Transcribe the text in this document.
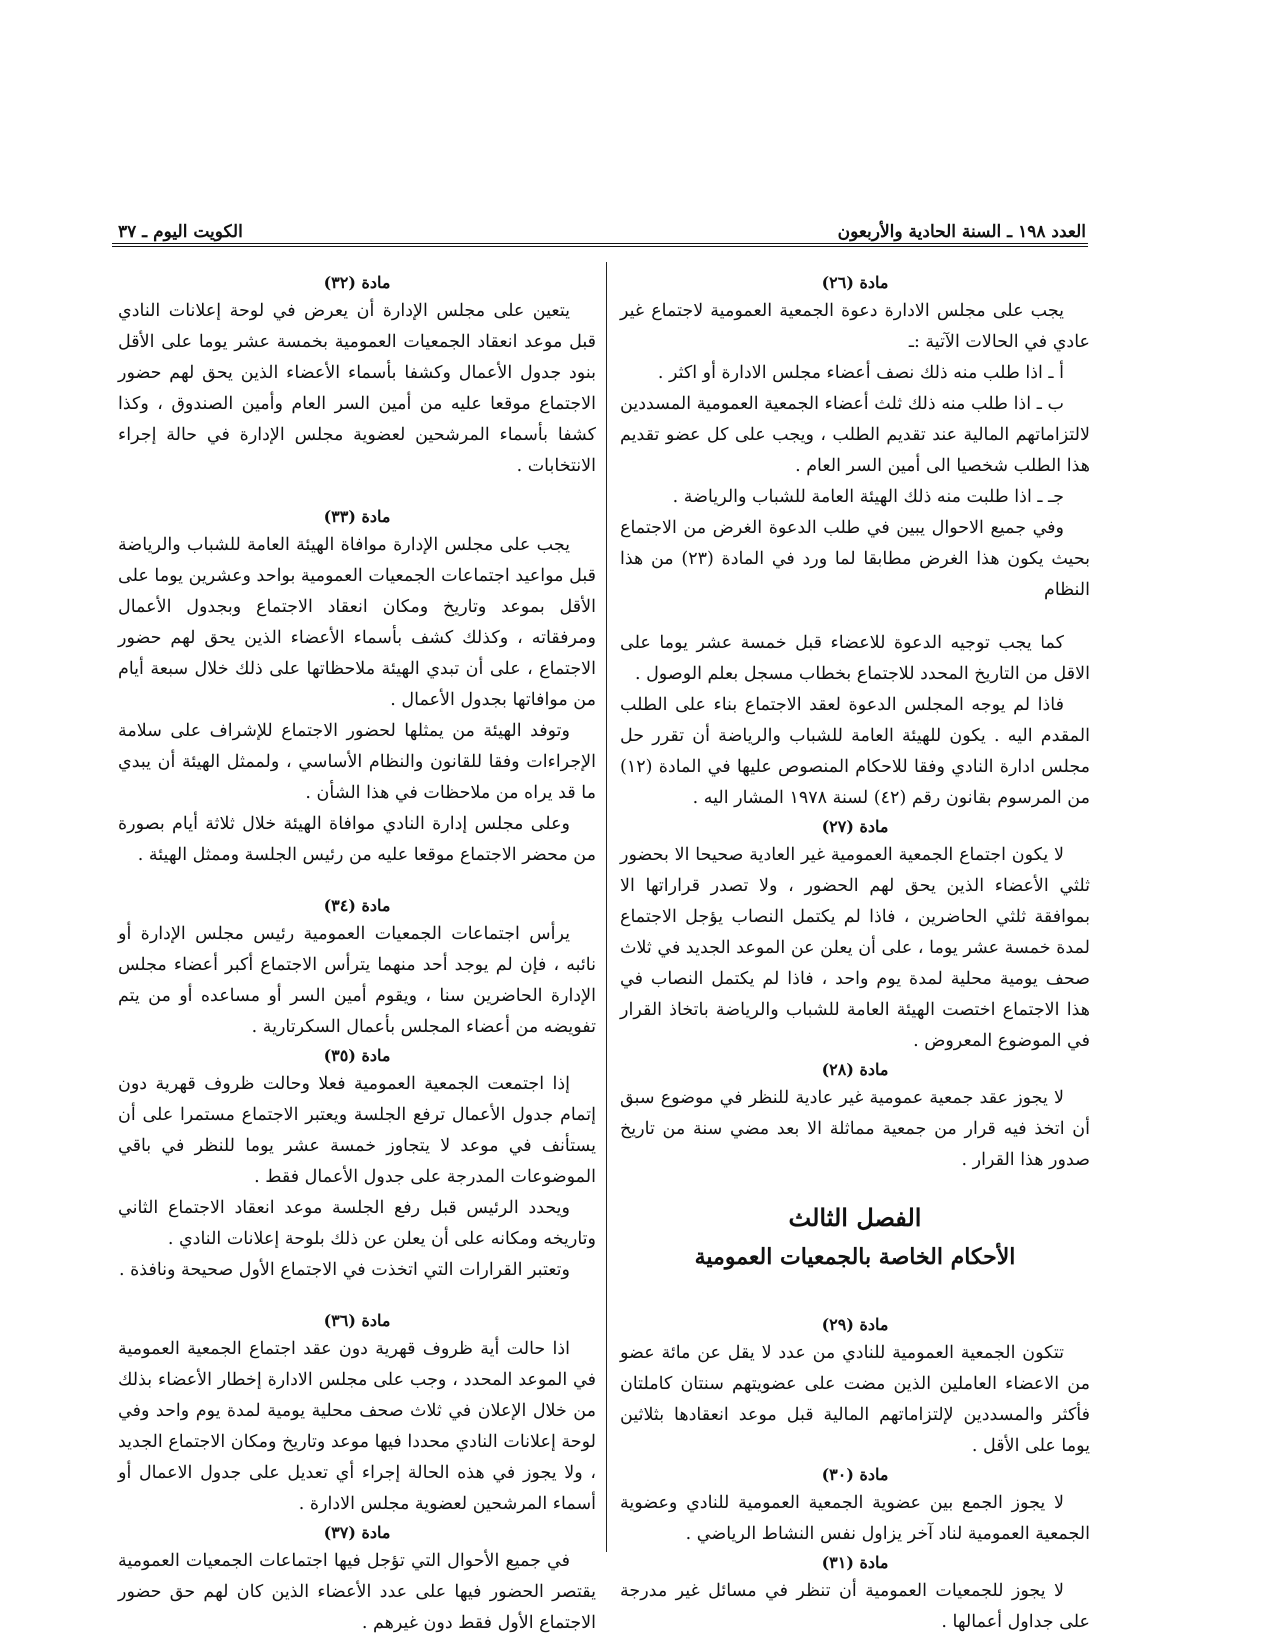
العدد ١٩٨ ـ السنة الحادية والأربعون
الكويت اليوم ـ ٣٧

مادة (٢٦)

يجب على مجلس الادارة دعوة الجمعية العمومية لاجتماع غير عادي في الحالات الآتية :ـ

أ ـ اذا طلب منه ذلك نصف أعضاء مجلس الادارة أو اكثر .

ب ـ اذا طلب منه ذلك ثلث أعضاء الجمعية العمومية المسددين لالتزاماتهم المالية عند تقديم الطلب ، ويجب على كل عضو تقديم هذا الطلب شخصيا الى أمين السر العام .

جـ ـ اذا طلبت منه ذلك الهيئة العامة للشباب والرياضة .

وفي جميع الاحوال يبين في طلب الدعوة الغرض من الاجتماع بحيث يكون هذا الغرض مطابقا لما ورد في المادة (٢٣) من هذا النظام

كما يجب توجيه الدعوة للاعضاء قبل خمسة عشر يوما على الاقل من التاريخ المحدد للاجتماع بخطاب مسجل بعلم الوصول .

فاذا لم يوجه المجلس الدعوة لعقد الاجتماع بناء على الطلب المقدم اليه . يكون للهيئة العامة للشباب والرياضة أن تقرر حل مجلس ادارة النادي وفقا للاحكام المنصوص عليها في المادة (١٢) من المرسوم بقانون رقم (٤٢) لسنة ١٩٧٨ المشار اليه .

مادة (٢٧)

لا يكون اجتماع الجمعية العمومية غير العادية صحيحا الا بحضور ثلثي الأعضاء الذين يحق لهم الحضور ، ولا تصدر قراراتها الا بموافقة ثلثي الحاضرين ، فاذا لم يكتمل النصاب يؤجل الاجتماع لمدة خمسة عشر يوما ، على أن يعلن عن الموعد الجديد في ثلاث صحف يومية محلية لمدة يوم واحد ، فاذا لم يكتمل النصاب في هذا الاجتماع اختصت الهيئة العامة للشباب والرياضة باتخاذ القرار في الموضوع المعروض .

مادة (٢٨)

لا يجوز عقد جمعية عمومية غير عادية للنظر في موضوع سبق أن اتخذ فيه قرار من جمعية مماثلة الا بعد مضي سنة من تاريخ صدور هذا القرار .

الفصل الثالث

الأحكام الخاصة بالجمعيات العمومية

مادة (٢٩)

تتكون الجمعية العمومية للنادي من عدد لا يقل عن مائة عضو من الاعضاء العاملين الذين مضت على عضويتهم سنتان كاملتان فأكثر والمسددين لإلتزاماتهم المالية قبل موعد انعقادها بثلاثين يوما على الأقل .

مادة (٣٠)

لا يجوز الجمع بين عضوية الجمعية العمومية للنادي وعضوية الجمعية العمومية لناد آخر يزاول نفس النشاط الرياضي .

مادة (٣١)

لا يجوز للجمعيات العمومية أن تنظر في مسائل غير مدرجة على جداول أعمالها .

مادة (٣٢)

يتعين على مجلس الإدارة أن يعرض في لوحة إعلانات النادي قبل موعد انعقاد الجمعيات العمومية بخمسة عشر يوما على الأقل بنود جدول الأعمال وكشفا بأسماء الأعضاء الذين يحق لهم حضور الاجتماع موقعا عليه من أمين السر العام وأمين الصندوق ، وكذا كشفا بأسماء المرشحين لعضوية مجلس الإدارة في حالة إجراء الانتخابات .

مادة (٣٣)

يجب على مجلس الإدارة موافاة الهيئة العامة للشباب والرياضة قبل مواعيد اجتماعات الجمعيات العمومية بواحد وعشرين يوما على الأقل بموعد وتاريخ ومكان انعقاد الاجتماع وبجدول الأعمال ومرفقاته ، وكذلك كشف بأسماء الأعضاء الذين يحق لهم حضور الاجتماع ، على أن تبدي الهيئة ملاحظاتها على ذلك خلال سبعة أيام من موافاتها بجدول الأعمال .

وتوفد الهيئة من يمثلها لحضور الاجتماع للإشراف على سلامة الإجراءات وفقا للقانون والنظام الأساسي ، ولممثل الهيئة أن يبدي ما قد يراه من ملاحظات في هذا الشأن .

وعلى مجلس إدارة النادي موافاة الهيئة خلال ثلاثة أيام بصورة من محضر الاجتماع موقعا عليه من رئيس الجلسة وممثل الهيئة .

مادة (٣٤)

يرأس اجتماعات الجمعيات العمومية رئيس مجلس الإدارة أو نائبه ، فإن لم يوجد أحد منهما يترأس الاجتماع أكبر أعضاء مجلس الإدارة الحاضرين سنا ، ويقوم أمين السر أو مساعده أو من يتم تفويضه من أعضاء المجلس بأعمال السكرتارية .

مادة (٣٥)

إذا اجتمعت الجمعية العمومية فعلا وحالت ظروف قهرية دون إتمام جدول الأعمال ترفع الجلسة ويعتبر الاجتماع مستمرا على أن يستأنف في موعد لا يتجاوز خمسة عشر يوما للنظر في باقي الموضوعات المدرجة على جدول الأعمال فقط .

ويحدد الرئيس قبل رفع الجلسة موعد انعقاد الاجتماع الثاني وتاريخه ومكانه على أن يعلن عن ذلك بلوحة إعلانات النادي .

وتعتبر القرارات التي اتخذت في الاجتماع الأول صحيحة ونافذة .

مادة (٣٦)

اذا حالت أية ظروف قهرية دون عقد اجتماع الجمعية العمومية في الموعد المحدد ، وجب على مجلس الادارة إخطار الأعضاء بذلك من خلال الإعلان في ثلاث صحف محلية يومية لمدة يوم واحد وفي لوحة إعلانات النادي محددا فيها موعد وتاريخ ومكان الاجتماع الجديد ، ولا يجوز في هذه الحالة إجراء أي تعديل على جدول الاعمال أو أسماء المرشحين لعضوية مجلس الادارة .

مادة (٣٧)

في جميع الأحوال التي تؤجل فيها اجتماعات الجمعيات العمومية يقتصر الحضور فيها على عدد الأعضاء الذين كان لهم حق حضور الاجتماع الأول فقط دون غيرهم .
